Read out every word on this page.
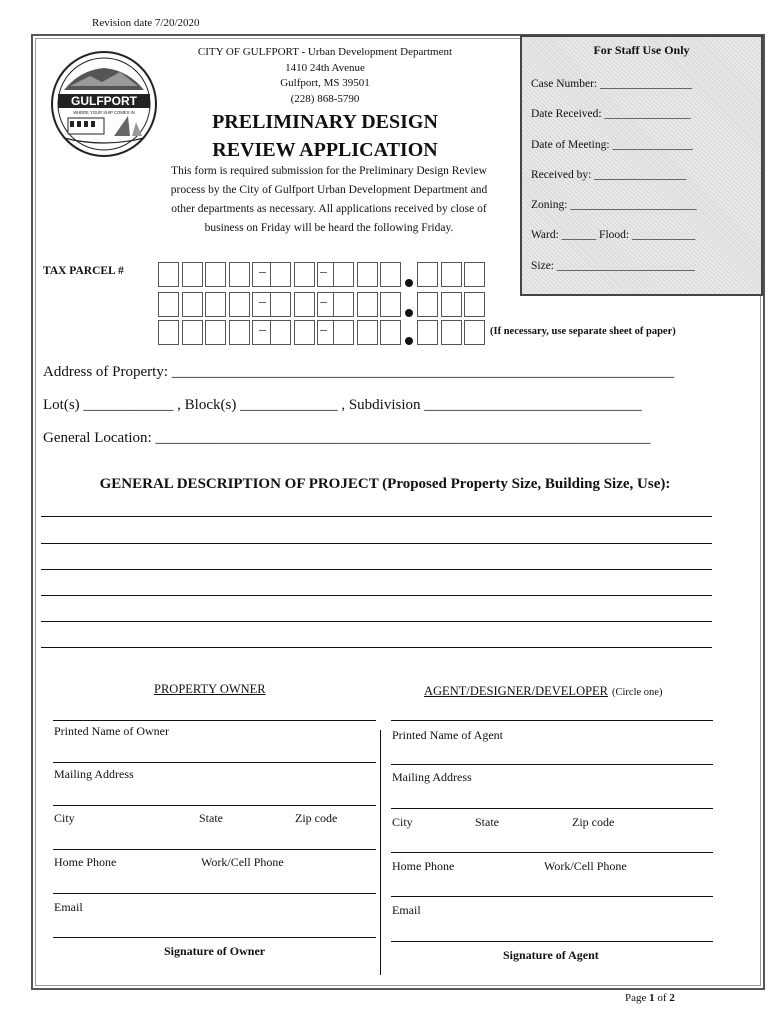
Revision date 7/20/2020
GULFPORT
WHERE YOUR SHIP COMES IN
CITY OF GULFPORT - Urban Development Department
1410 24th Avenue
Gulfport, MS 39501
(228) 868-5790
PRELIMINARY DESIGN
REVIEW APPLICATION
This form is required submission for the Preliminary Design Review
process by the City of Gulfport Urban Development Department and
other departments as necessary. All applications received by close of
business on Friday will be heard the following Friday.
For Staff Use Only
Case Number: ________________
Date Received: _______________
Date of Meeting: ______________
Received by: ________________
Zoning: ______________________
Ward: ______ Flood: ___________
Size: ________________________
TAX PARCEL #
(If necessary, use separate sheet of paper)
Address of Property: ___________________________________________________________________
Lot(s) ____________ , Block(s) _____________ , Subdivision _____________________________
General Location: __________________________________________________________________
GENERAL DESCRIPTION OF PROJECT (Proposed Property Size, Building Size, Use):
PROPERTY OWNER
Printed Name of Owner
Mailing Address
City	State	Zip code
Home Phone	Work/Cell Phone
Email
Signature of Owner
AGENT/DESIGNER/DEVELOPER (Circle one)
Printed Name of Agent
Mailing Address
City	State	Zip code
Home Phone	Work/Cell Phone
Email
Signature of Agent
Page 1 of 2
